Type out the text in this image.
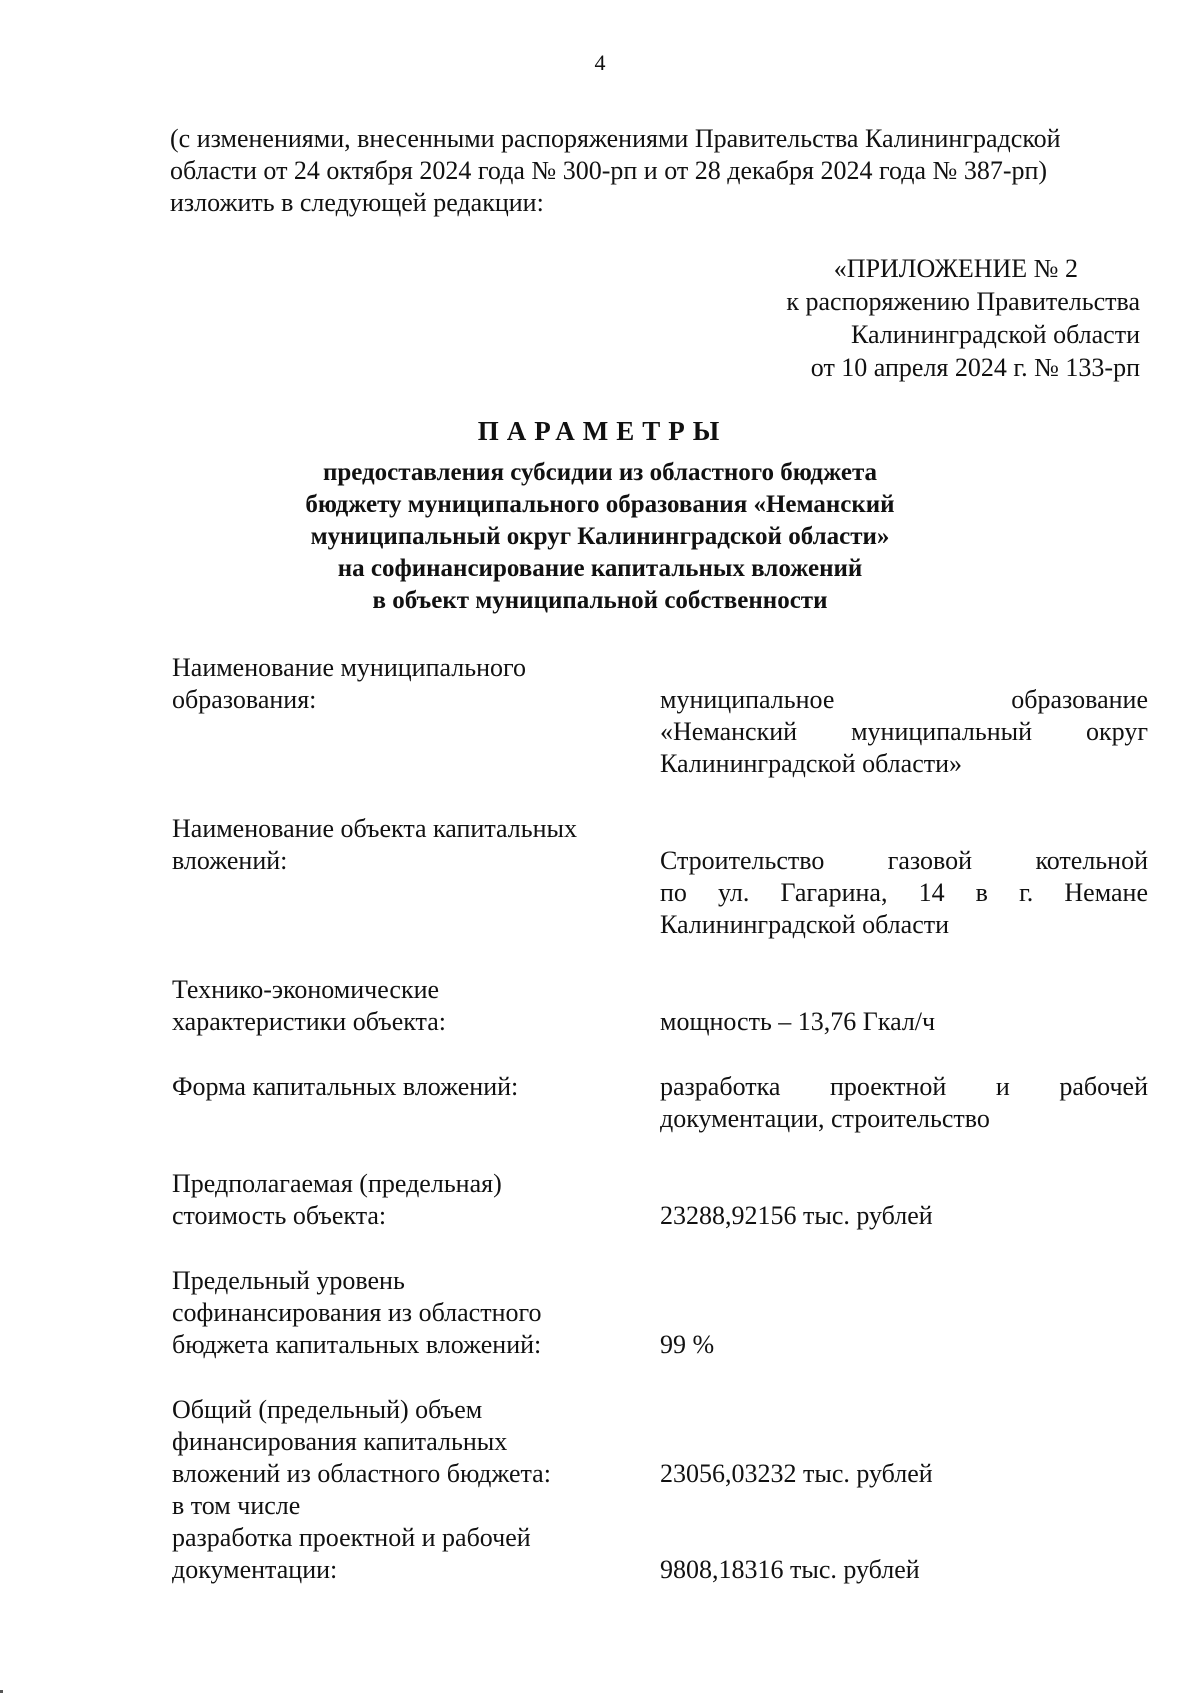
4
(с изменениями, внесенными распоряжениями Правительства Калининградской
области от 24 октября 2024 года № 300-рп и от 28 декабря 2024 года № 387-рп)
изложить в следующей редакции:
«ПРИЛОЖЕНИЕ № 2
к распоряжению Правительства
Калининградской области
от 10 апреля 2024 г. № 133-рп
ПАРАМЕТРЫ
предоставления субсидии из областного бюджета
бюджету муниципального образования «Неманский
муниципальный округ Калининградской области»
на софинансирование капитальных вложений
в объект муниципальной собственности
Наименование муниципального
образования:	муниципальное образование
«Неманский муниципальный округ
Калининградской области»
Наименование объекта капитальных
вложений:	Строительство газовой котельной
по ул. Гагарина, 14 в г. Немане
Калининградской области
Технико-экономические
характеристики объекта:	мощность – 13,76 Гкал/ч
Форма капитальных вложений:	разработка проектной и рабочей
документации, строительство
Предполагаемая (предельная)
стоимость объекта:	23288,92156 тыс. рублей
Предельный уровень
софинансирования из областного
бюджета капитальных вложений:	99 %
Общий (предельный) объем
финансирования капитальных
вложений из областного бюджета:	23056,03232 тыс. рублей
в том числе
разработка проектной и рабочей
документации:	9808,18316 тыс. рублей
